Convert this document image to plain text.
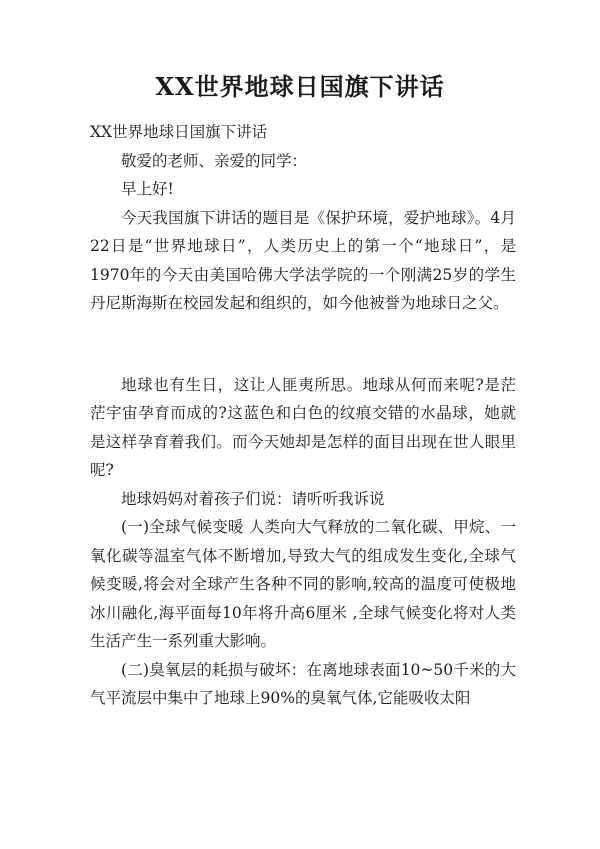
XX世界地球日国旗下讲话

XX世界地球日国旗下讲话

敬爱的老师、亲爱的同学：

早上好!

今天我国旗下讲话的题目是《保护环境，爱护地球》。4月22日是“世界地球日”，人类历史上的第一个“地球日”，是1970年的今天由美国哈佛大学法学院的一个刚满25岁的学生丹尼斯海斯在校园发起和组织的，如今他被誉为地球日之父。

地球也有生日，这让人匪夷所思。地球从何而来呢?是茫茫宇宙孕育而成的?这蓝色和白色的纹痕交错的水晶球，她就是这样孕育着我们。而今天她却是怎样的面目出现在世人眼里呢?

地球妈妈对着孩子们说：请听听我诉说

(一)全球气候变暖 人类向大气释放的二氧化碳、甲烷、一氧化碳等温室气体不断增加,导致大气的组成发生变化,全球气候变暖,将会对全球产生各种不同的影响,较高的温度可使极地冰川融化,海平面每10年将升高6厘米 ,全球气候变化将对人类生活产生一系列重大影响。

(二)臭氧层的耗损与破坏：在离地球表面10~50千米的大气平流层中集中了地球上90%的臭氧气体,它能吸收太阳
